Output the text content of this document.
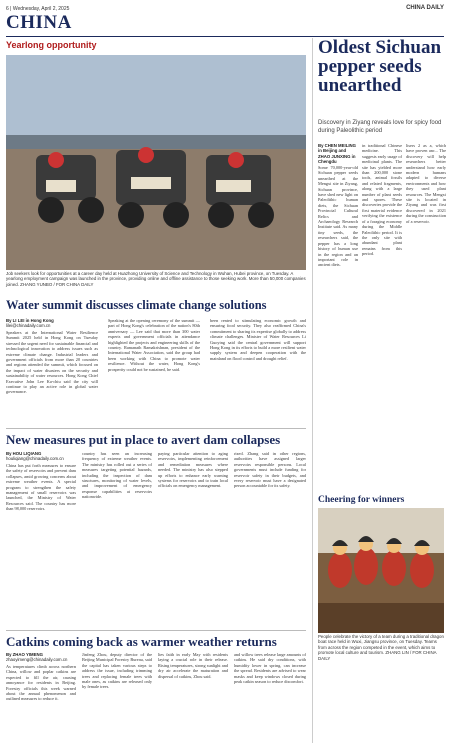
6 | Wednesday, April 2, 2025	CHINA DAILY
CHINA
Yearlong opportunity
Job seekers look for opportunities at a career day held at Huazhong University of Science and Technology in Wuhan, Hubei province, on Tuesday. A yearlong employment campaign was launched in the province, providing online and offline assistance to those seeking work. More than 50,000 companies joined. ZHANG YUNBO / FOR CHINA DAILY
Water summit discusses climate change solutions
By LI LEI in Hong Kong
lilei@chinadaily.com.cn
Speakers at the International Water Resilience Summit 2025 held in Hong Kong on Tuesday stressed the urgent need for sustainable financial and technological innovation to address issues such as extreme climate change. Industrial leaders and government officials from more than 20 countries and regions attended the summit, which focused on the impact of water disasters on the security and sustainability of water resources. Hong Kong Chief Executive John Lee Ka-chiu said the city will continue to play an active role in global water governance.
Speaking at the opening ceremony of the summit — part of Hong Kong's celebration of the nation's 80th anniversary — Lee said that more than 300 water experts and government officials in attendance highlighted the projects and engineering skills of the country. Ramanath Ramakrishnan, president of the International Water Association, said the group had been working with China to promote water resilience. Without the water, Hong Kong's prosperity could not be sustained, he said.
been rented to stimulating economic growth and ensuring food security. They also reaffirmed China's commitment to sharing its expertise globally to address climate challenges. Minister of Water Resources Li Guoying said the central government will support Hong Kong in its efforts to build a more resilient water supply system and deepen cooperation with the mainland on flood control and drought relief.
New measures put in place to avert dam collapses
By HOU LIQIANG
houliqiang@chinadaily.com.cn
China has put forth measures to ensure the safety of reservoirs and prevent dam collapses, amid growing concerns about extreme weather events. A special program to strengthen the safety management of small reservoirs was launched, the Ministry of Water Resources said. The country has more than 98,000 reservoirs.
country has seen an increasing frequency of extreme weather events. The ministry has rolled out a series of measures targeting potential hazards, including the inspection of dam structures, monitoring of water levels, and improvement of emergency response capabilities at reservoirs nationwide.
paying particular attention to aging reservoirs, implementing reinforcement and remediation measures where needed. The ministry has also stepped up efforts to enhance early warning systems for reservoirs and to train local officials on emergency management.
rized. Zhang said in other regions, authorities have assigned larger reservoirs responsible persons. Local governments must include funding for reservoir safety in their budgets, and every reservoir must have a designated person accountable for its safety.
Catkins coming back as warmer weather returns
By ZHAO YIMENG
zhaoyimeng@chinadaily.com.cn
As temperatures climb across northern China, willow and poplar catkins are expected to fill the air, causing annoyance for residents in Beijing. Forestry officials this week warned about the annual phenomenon and outlined measures to reduce it.
Jinfeng Zhou, deputy director of the Beijing Municipal Forestry Bureau, said the capital has taken various steps to address the issue, including trimming trees and replacing female trees with male ones, as catkins are released only by female trees.
lies faith in early May with residents laying a crucial role in their release. Rising temperatures, strong sunlight and dry air accelerate the maturation and dispersal of catkins, Zhou said.
and willow trees release large amounts of catkins. He said dry conditions, with humidity lower in spring, can increase the spread. Residents are advised to wear masks and keep windows closed during peak catkin season to reduce discomfort.
Oldest Sichuan pepper seeds unearthed
Discovery in Ziyang reveals love for spicy food during Paleolithic period
By CHEN MEILING in Beijing and ZHAO JUNXING in Chengdu
Some 70,000-year-old Sichuan pepper seeds unearthed at the Mengxi site in Ziyang, Sichuan province, have shed new light on Paleolithic human diets, the Sichuan Provincial Cultural Relics and Archaeology Research Institute said. As many tiny seeds, the researchers said, the pepper has a long history of human use in the region and an important role in ancient diets.
in traditional Chinese medicine. This suggests early usage of medicinal plants. The site has yielded more than 200,000 stone tools, animal fossils and related fragments, along with a large number of plant seeds and spores. These discoveries provide the first material evidence verifying the existence of a foraging economy during the Middle Paleolithic period. It is the only site with abundant plant remains from this period.
lisers 2 as a, which have proven anc... The discovery will help researchers better understand how early modern humans adapted to diverse environments and how they used plant resources. The Mengxi site is located in Ziyang and was first discovered in 2021 during the construction of a reservoir.
Cheering for winners
People celebrate the victory of a team during a traditional dragon boat race held in Wuxi, Jiangsu province, on Tuesday. Teams from across the region competed in the event, which aims to promote local culture and tourism. ZHANG LIN / FOR CHINA DAILY
